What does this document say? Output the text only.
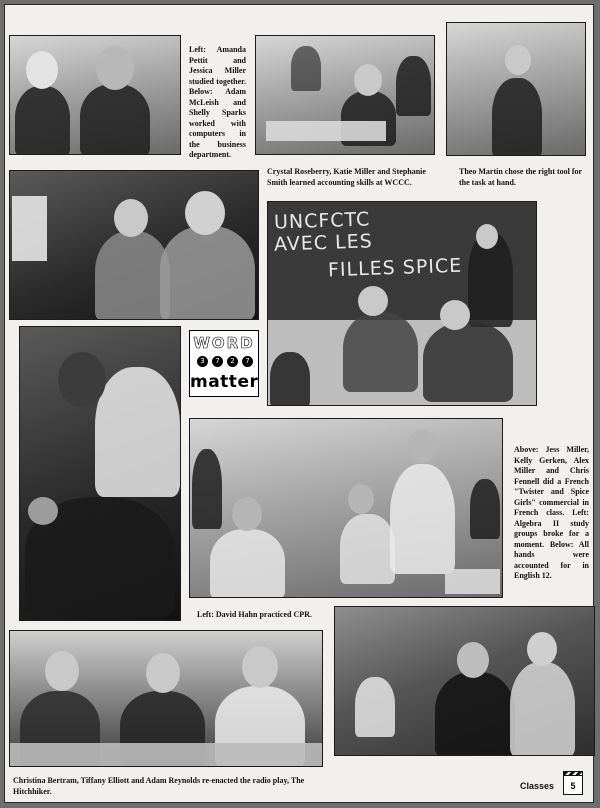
Left: Amanda Pettit and Jessica Miller studied together. Below: Adam McLeish and Shelly Sparks worked with computers in the business department.
Crystal Roseberry, Katie Miller and Stephanie Smith learned accounting skills at WCCC.
Theo Martin chose the right tool for the task at hand.
UNCFCTC
AVEC LES
FILLES SPICE
WORD
3	7	2	7
matter
Above: Jess Miller, Kelly Gerken, Alex Miller and Chris Fennell did a French "Twister and Spice Girls" commercial in French class. Left: Algebra II study groups broke for a moment. Below: All hands were accounted for in English 12.
Left: David Hahn practiced CPR.
Christina Bertram, Tiffany Elliott and Adam Reynolds re-enacted the radio play, The Hitchhiker.	Classes	5
